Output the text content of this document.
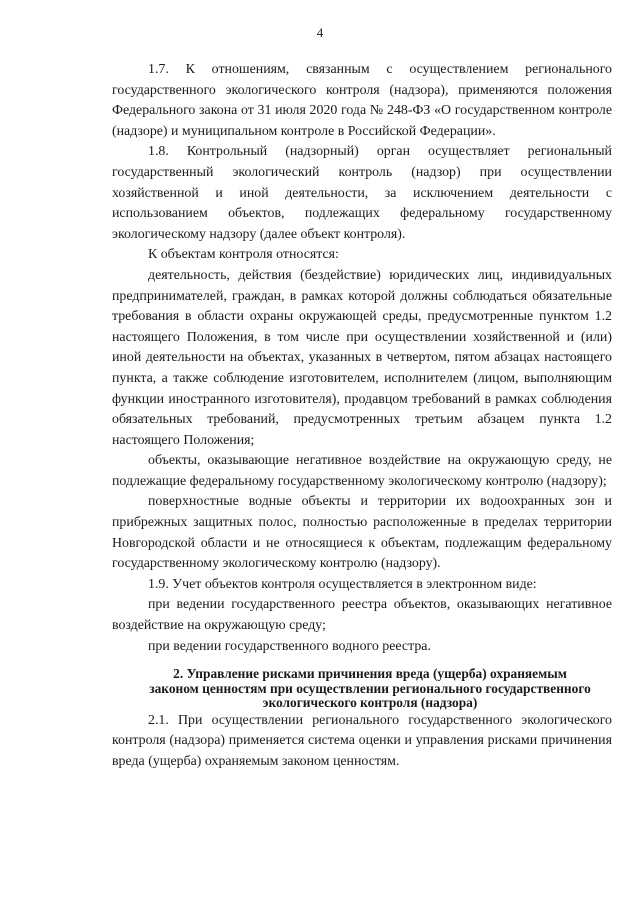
4

1.7. К отношениям, связанным с осуществлением регионального государственного экологического контроля (надзора), применяются положения Федерального закона от 31 июля 2020 года № 248-ФЗ «О государственном контроле (надзоре) и муниципальном контроле в Российской Федерации».

1.8. Контрольный (надзорный) орган осуществляет региональный государственный экологический контроль (надзор) при осуществлении хозяйственной и иной деятельности, за исключением деятельности с использованием объектов, подлежащих федеральному государственному экологическому надзору (далее объект контроля).

К объектам контроля относятся:

деятельность, действия (бездействие) юридических лиц, индивидуальных предпринимателей, граждан, в рамках которой должны соблюдаться обязательные требования в области охраны окружающей среды, предусмотренные пунктом 1.2 настоящего Положения, в том числе при осуществлении хозяйственной и (или) иной деятельности на объектах, указанных в четвертом, пятом абзацах настоящего пункта, а также соблюдение изготовителем, исполнителем (лицом, выполняющим функции иностранного изготовителя), продавцом требований в рамках соблюдения обязательных требований, предусмотренных третьим абзацем пункта 1.2 настоящего Положения;

объекты, оказывающие негативное воздействие на окружающую среду, не подлежащие федеральному государственному экологическому контролю (надзору);

поверхностные водные объекты и территории их водоохранных зон и прибрежных защитных полос, полностью расположенные в пределах территории Новгородской области и не относящиеся к объектам, подлежащим федеральному государственному экологическому контролю (надзору).

1.9. Учет объектов контроля осуществляется в электронном виде:

при ведении государственного реестра объектов, оказывающих негативное воздействие на окружающую среду;

при ведении государственного водного реестра.

2. Управление рисками причинения вреда (ущерба) охраняемым законом ценностям при осуществлении регионального государственного экологического контроля (надзора)

2.1. При осуществлении регионального государственного экологического контроля (надзора) применяется система оценки и управления рисками причинения вреда (ущерба) охраняемым законом ценностям.
